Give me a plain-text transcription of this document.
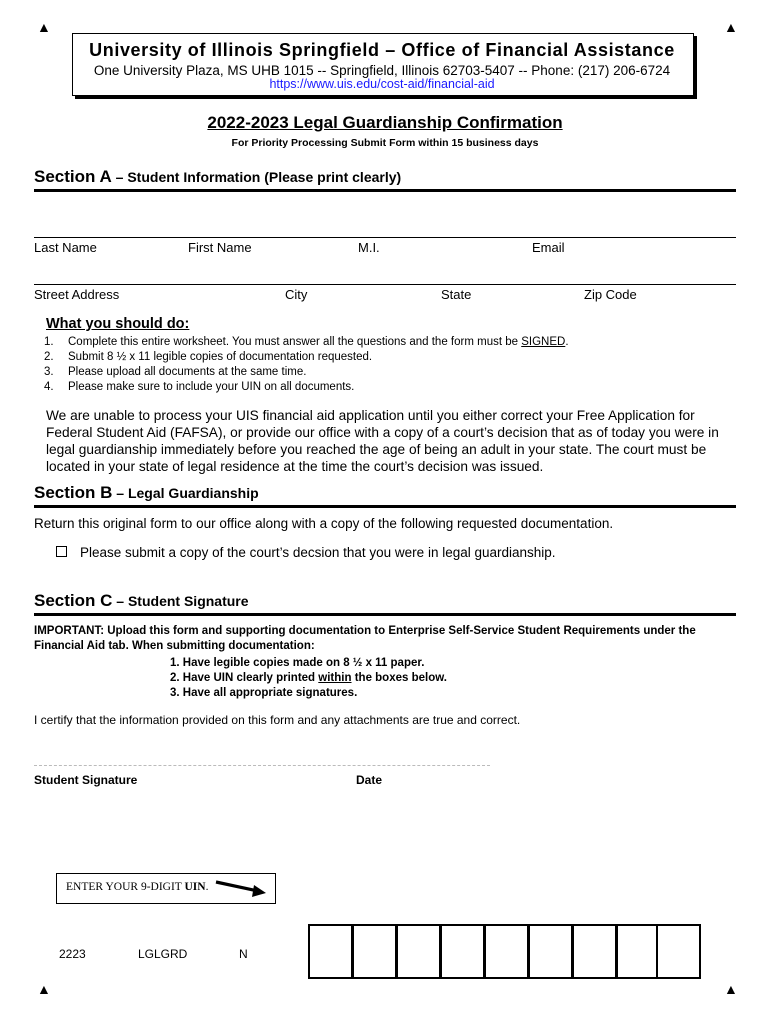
▲	▲
▲	▲
University of Illinois Springfield – Office of Financial Assistance
One University Plaza, MS UHB 1015 -- Springfield, Illinois 62703-5407 -- Phone: (217) 206-6724
https://www.uis.edu/cost-aid/financial-aid
2022-2023 Legal Guardianship Confirmation
For Priority Processing Submit Form within 15 business days
Section A – Student Information (Please print clearly)
Last Name	First Name	M.I.	Email
Street Address	City	State	Zip Code
What you should do:
1. Complete this entire worksheet. You must answer all the questions and the form must be SIGNED.
2. Submit 8 ½ x 11 legible copies of documentation requested.
3. Please upload all documents at the same time.
4. Please make sure to include your UIN on all documents.
We are unable to process your UIS financial aid application until you either correct your Free Application for Federal Student Aid (FAFSA), or provide our office with a copy of a court’s decision that as of today you were in legal guardianship immediately before you reached the age of being an adult in your state. The court must be located in your state of legal residence at the time the court’s decision was issued.
Section B – Legal Guardianship
Return this original form to our office along with a copy of the following requested documentation.
Please submit a copy of the court’s decsion that you were in legal guardianship.
Section C – Student Signature
IMPORTANT: Upload this form and supporting documentation to Enterprise Self-Service Student Requirements under the Financial Aid tab. When submitting documentation:
1. Have legible copies made on 8 ½ x 11 paper.
2. Have UIN clearly printed within the boxes below.
3. Have all appropriate signatures.
I certify that the information provided on this form and any attachments are true and correct.
Student Signature	Date
ENTER YOUR 9-DIGIT UIN.
2223	LGLGRD	N
